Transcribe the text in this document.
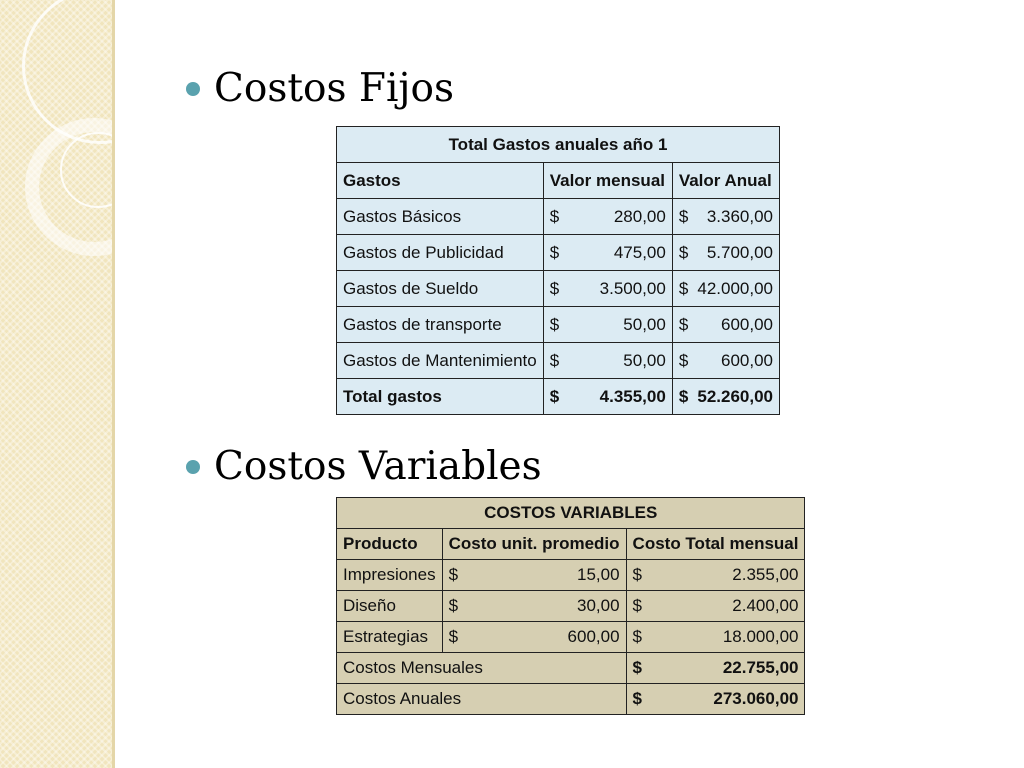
Costos Fijos
Total Gastos anuales año 1		
Gastos	Valor mensual	Valor Anual
Gastos Básicos	$ 280,00	$ 3.360,00

Gastos de Publicidad	$ 475,00	$ 5.700,00

Gastos de Sueldo	$ 3.500,00	$ 42.000,00

Gastos de transporte	$ 50,00	$ 600,00

Gastos de Mantenimiento	$ 50,00	$ 600,00

Total gastos	$ 4.355,00	$ 52.260,00
Costos Variables
COSTOS VARIABLES		
Producto	Costo unit. promedio	Costo Total mensual
Impresiones	$ 15,00	$ 2.355,00

Diseño	$ 30,00	$ 2.400,00

Estrategias	$ 600,00	$ 18.000,00

Costos Mensuales		$ 22.755,00

Costos Anuales		$ 273.060,00
